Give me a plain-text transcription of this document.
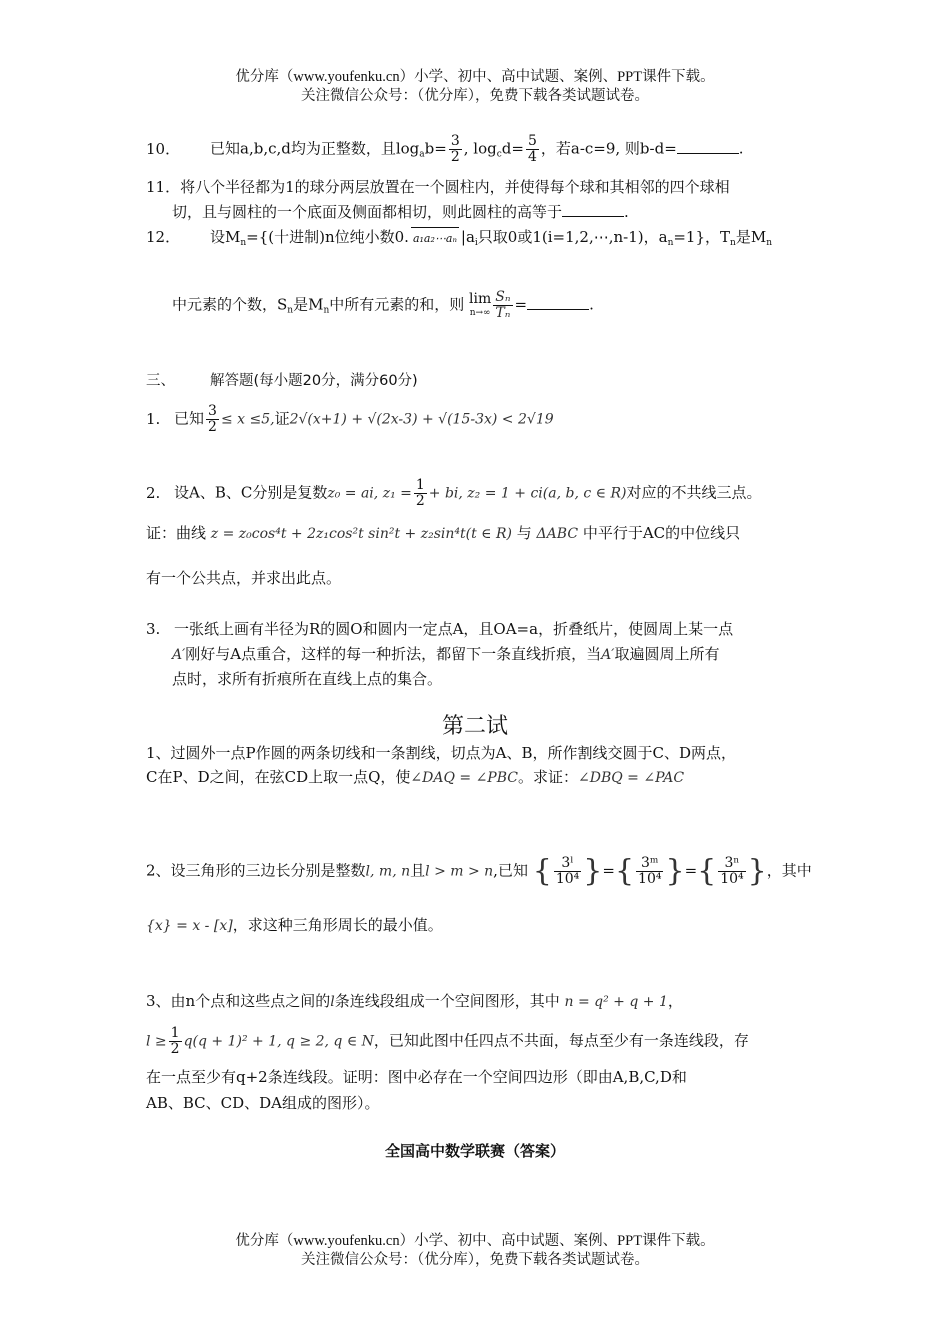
优分库（www.youfenku.cn）小学、初中、高中试题、案例、PPT课件下载。
关注微信公众号：（优分库），免费下载各类试题试卷。
10． 已知a,b,c,d均为正整数，且$\log_ab= \frac{3}{2}$ , $\log_cd= \frac{5}{4}$ ，若a-c=9, 则b-d=	.
11．将八个半径都为1的球分两层放置在一个圆柱内，并使得每个球和其相邻的四个球相
切，且与圆柱的一个底面及侧面都相切，则此圆柱的高等于	.
12． 设$M_n=${(十进制)n位纯小数0. a₁a₂⋯aₙ $|a_i$只取0或1(i=1,2,⋯,n-1)，$a_n=1$}，$T_n$是$M_n$
中元素的个数，$S_n$是$M_n$中所有元素的和，则 lim
$n\to\infty \frac{\text{Sₙ}}{\text{Tₙ}}$ =	.
三、 解答题(每小题20分，满分60分)
1. 已知 $\frac{3}{2} \le x \le 5$,证2√(x+1) + √(2x-3) + √(15-3x) < 2√19
2. 设A、B、C分别是复数z₀ = ai, $z_1 = \frac{1}{2}$ + bi, z₂ = 1 + ci(a, b, c ∈ R)对应的不共线三点。
证：曲线 z = z₀cos⁴t + 2z₁cos²t sin²t + z₂sin⁴t(t ∈ R) 与 ΔABC 中平行于AC的中位线只
有一个公共点，并求出此点。
3. 一张纸上画有半径为R的圆O和圆内一定点A，且OA=a，折叠纸片，使圆周上某一点
A′刚好与A点重合，这样的每一种折法，都留下一条直线折痕，当A′取遍圆周上所有
点时，求所有折痕所在直线上点的集合。
第二试
1、过圆外一点P作圆的两条切线和一条割线，切点为A、B，所作割线交圆于C、D两点，
C在P、D之间，在弦CD上取一点Q，使∠DAQ = ∠PBC。求证：∠DBQ = ∠PAC
2、设三角形的三边长分别是整数l, m, n且l > m > n,已知 { $\frac{\text{3ˡ}}{\text{10⁴}}$ }={ $\frac{\text{3ᵐ}}{\text{10⁴}}$ }={ $\frac{\text{3ⁿ}}{\text{10⁴}}$ }，其中
{x} = x - [x]，求这种三角形周长的最小值。
3、由n个点和这些点之间的l条连线段组成一个空间图形，其中 n = q² + q + 1，
$l \ge \frac{1}{2} q(q + 1)^2 + 1$, q ≥ 2, q ∈ N，已知此图中任四点不共面，每点至少有一条连线段，存
在一点至少有q+2条连线段。证明：图中必存在一个空间四边形（即由A,B,C,D和
AB、BC、CD、DA组成的图形）。
全国高中数学联赛（答案）
优分库（www.youfenku.cn）小学、初中、高中试题、案例、PPT课件下载。
关注微信公众号：（优分库），免费下载各类试题试卷。
